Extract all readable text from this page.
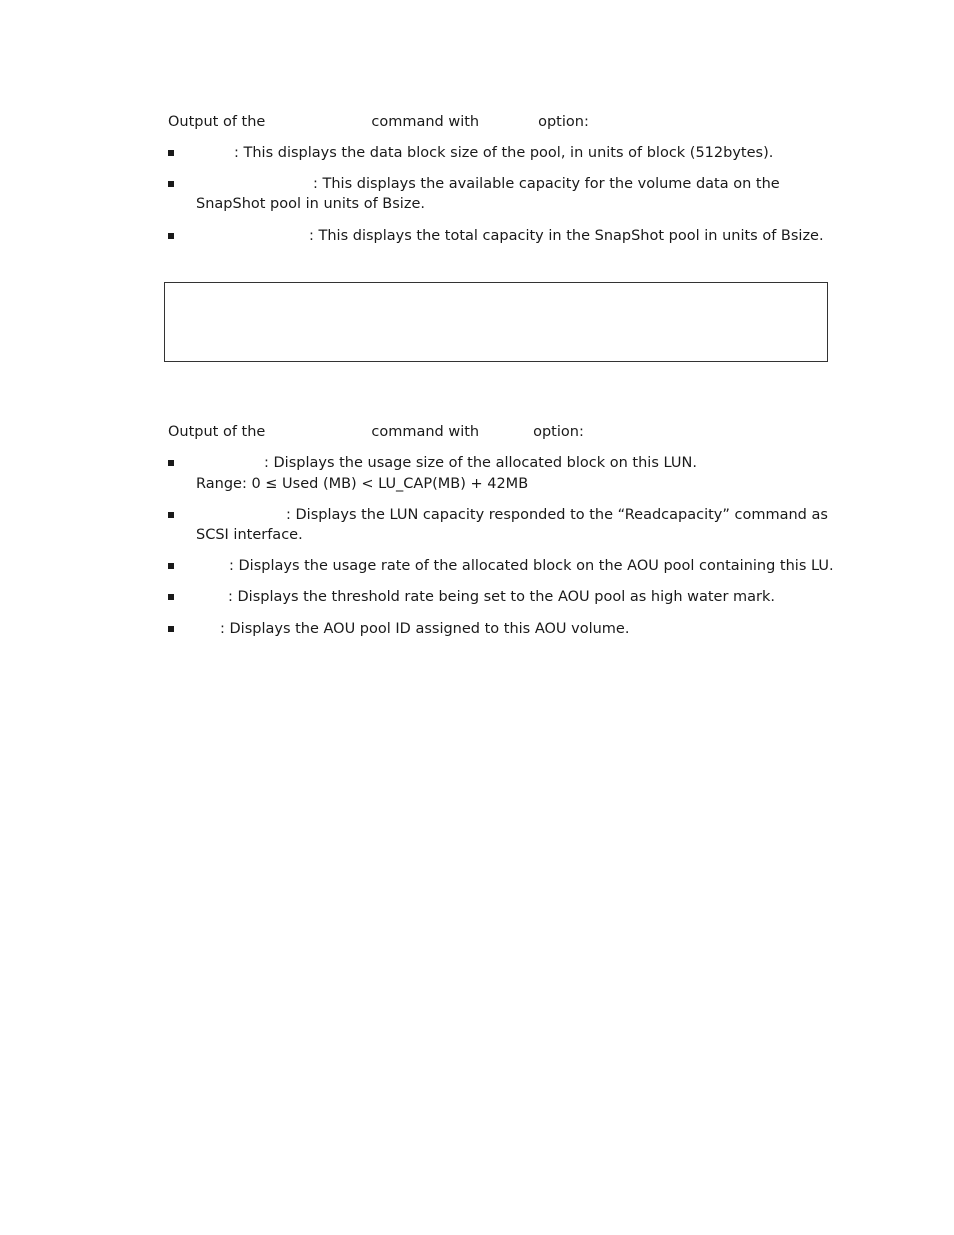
Output of the	command with	option:
: This displays the data block size of the pool, in units of block (512bytes).
: This displays the available capacity for the volume data on the
SnapShot pool in units of Bsize.
: This displays the total capacity in the SnapShot pool in units of Bsize.
Output of the	command with	option:
: Displays the usage size of the allocated block on this LUN.
Range: 0 ≤ Used (MB) < LU_CAP(MB) + 42MB
: Displays the LUN capacity responded to the “Readcapacity” command as
SCSI interface.
: Displays the usage rate of the allocated block on the AOU pool containing this LU.
: Displays the threshold rate being set to the AOU pool as high water mark.
: Displays the AOU pool ID assigned to this AOU volume.
